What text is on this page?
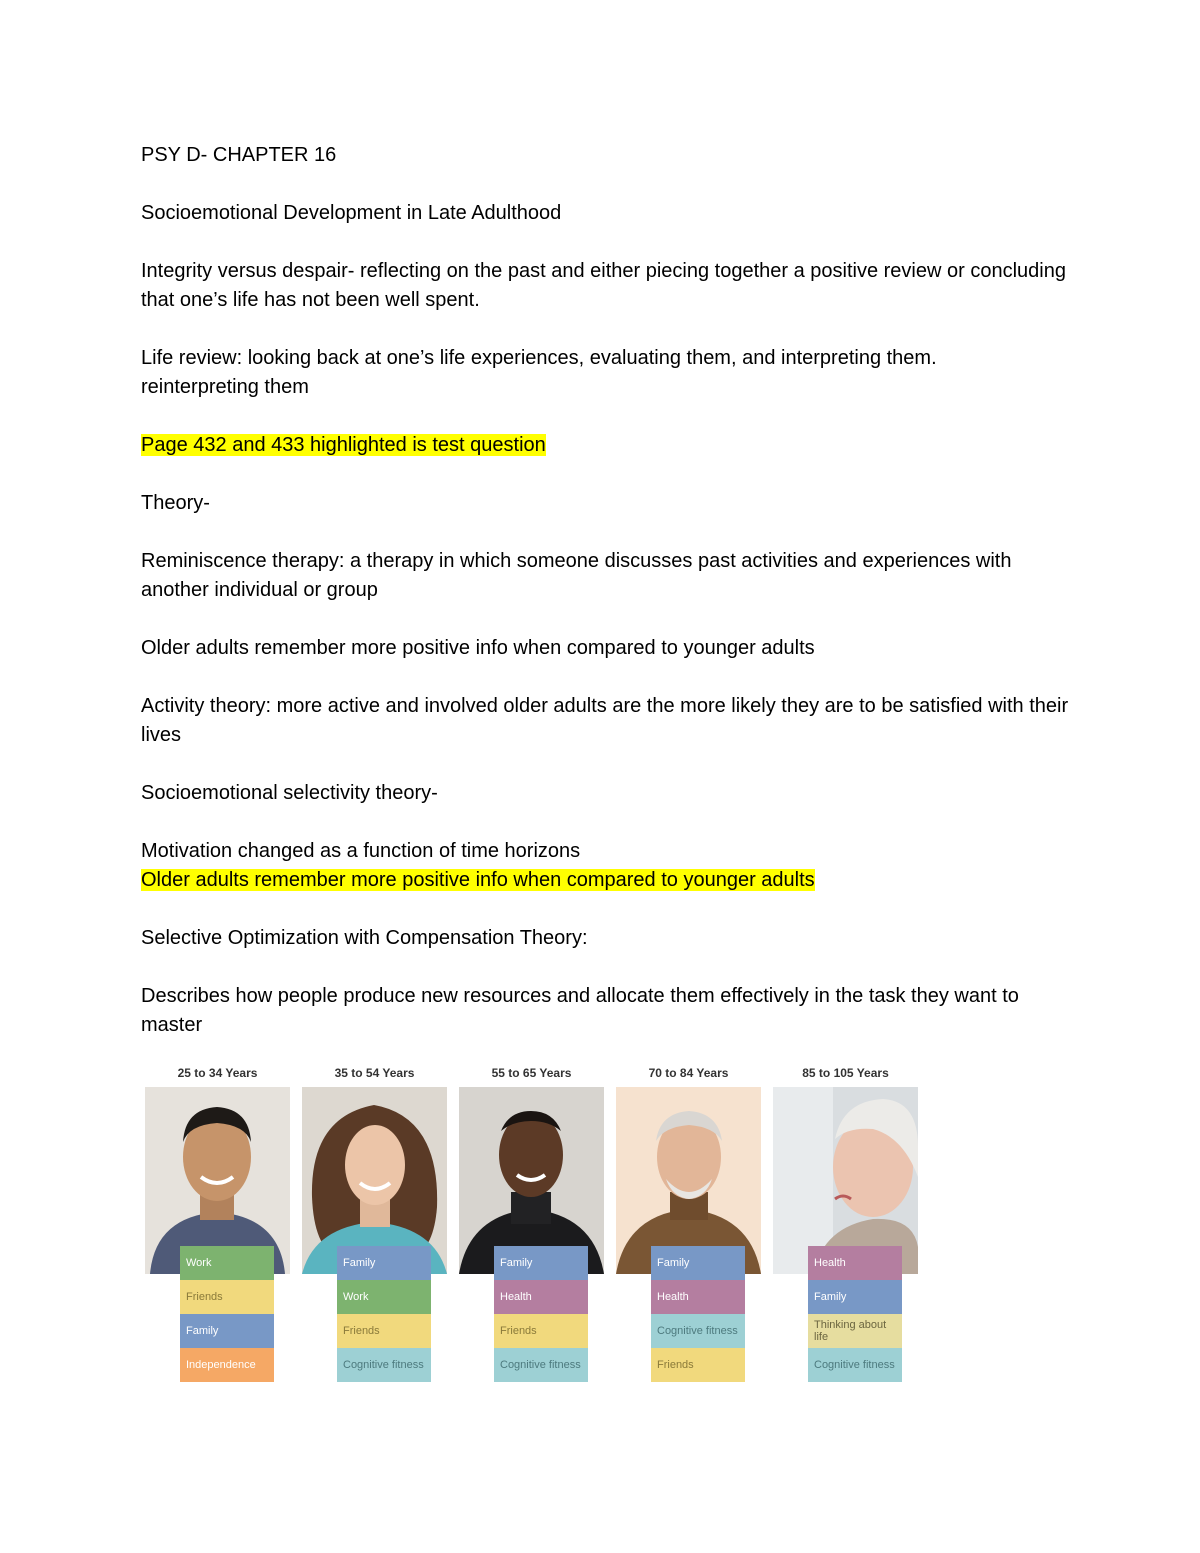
PSY D- CHAPTER 16

Socioemotional Development in Late Adulthood

Integrity versus despair- reflecting on the past and either piecing together a positive review or concluding that one’s life has not been well spent.

Life review: looking back at one’s life experiences, evaluating them, and interpreting them.
reinterpreting them

Page 432 and 433 highlighted is test question

Theory-

Reminiscence therapy: a therapy in which someone discusses past activities and experiences with another individual or group

Older adults remember more positive info when compared to younger adults

Activity theory: more active and involved older adults are the more likely they are to be satisfied with their lives

Socioemotional selectivity theory-

Motivation changed as a function of time horizons

Older adults remember more positive info when compared to younger adults

Selective Optimization with Compensation Theory:

Describes how people produce new resources and allocate them effectively in the task they want to master

25 to 34 Years
Work
Friends
Family
Independence
35 to 54 Years
Family
Work
Friends
Cognitive fitness
55 to 65 Years
Family
Health
Friends
Cognitive fitness
70 to 84 Years
Family
Health
Cognitive fitness
Friends
85 to 105 Years
Health
Family
Thinking about life
Cognitive fitness
